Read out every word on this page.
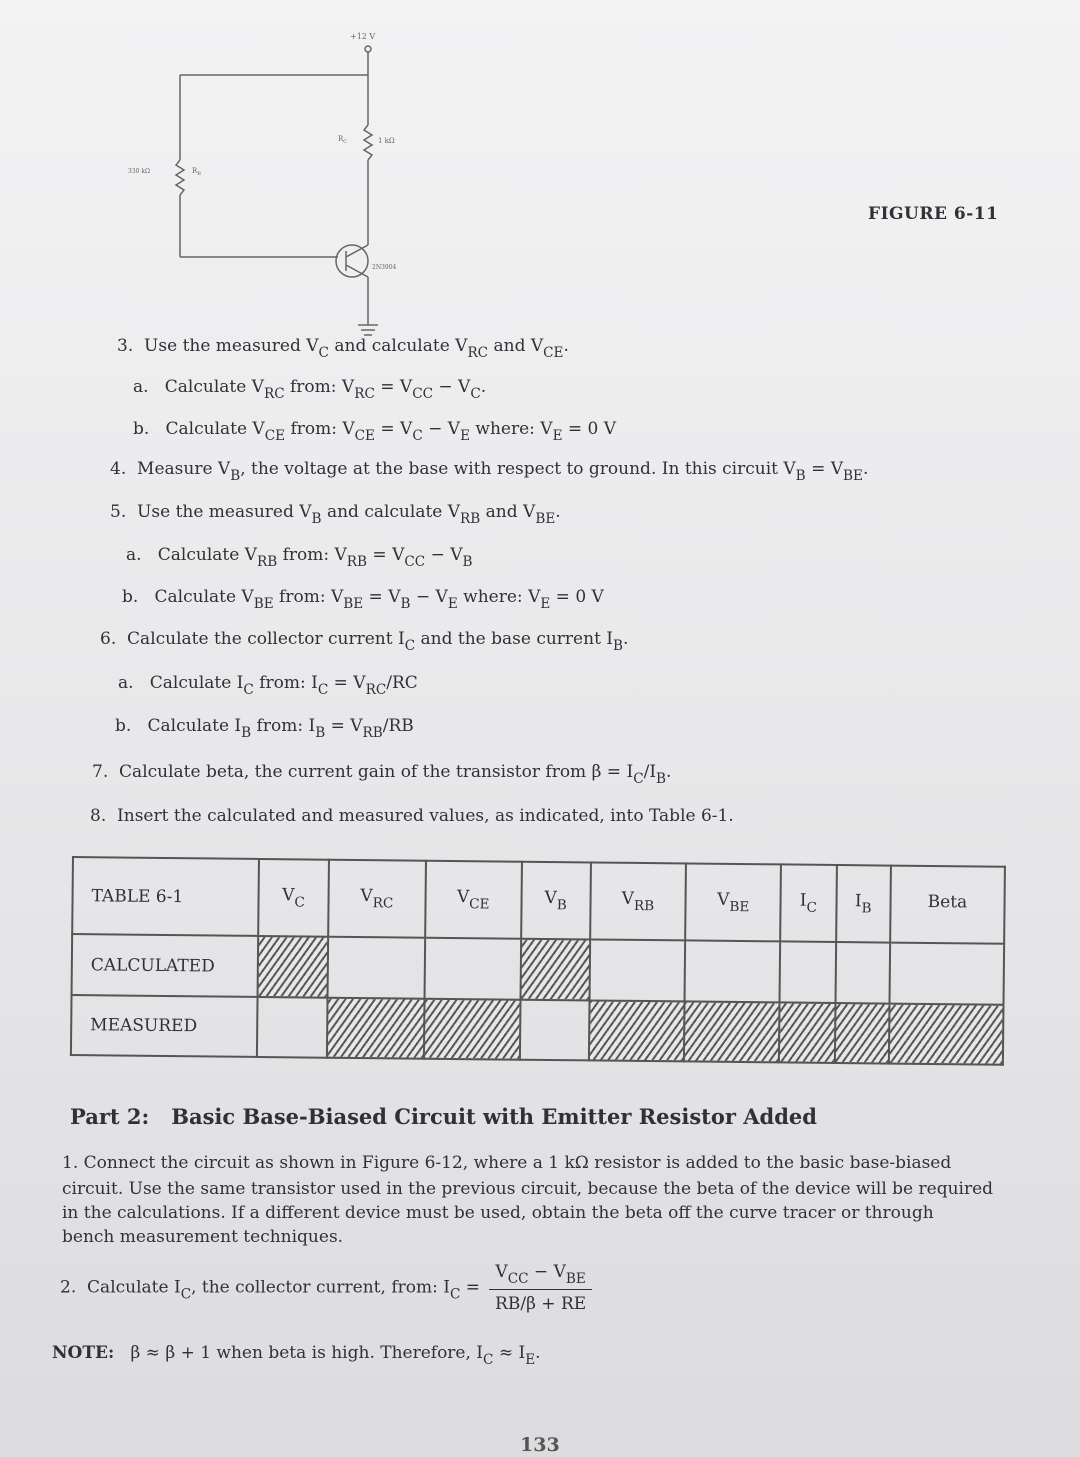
+12 V
$R_C$	1 kΩ
330 kΩ	$R_B$
2N3904
FIGURE 6-11
3. Use the measured $V_C$ and calculate $V_{RC}$ and $V_{CE}$.
a. Calculate $V_{RC}$ from: $V_{RC} = V_{CC} - V_C$.
b. Calculate $V_{CE}$ from: $V_{CE} = V_C - V_E$ where: $V_E = 0$ V
4. Measure $V_B$, the voltage at the base with respect to ground. In this circuit $V_B = V_{BE}$.
5. Use the measured $V_B$ and calculate $V_{RB}$ and $V_{BE}$.
a. Calculate $V_{RB}$ from: $V_{RB} = V_{CC} - V_B$
b. Calculate $V_{BE}$ from: $V_{BE} = V_B - V_E$ where: $V_E = 0$ V
6. Calculate the collector current $I_C$ and the base current $I_B$.
a. Calculate $I_C$ from: $I_C = V_{RC}/RC$
b. Calculate $I_B$ from: $I_B = V_{RB}/RB$
7. Calculate beta, the current gain of the transistor from $\beta = I_C/I_B$.
8. Insert the calculated and measured values, as indicated, into Table 6-1.
TABLE 6-1	$V_C$	$V_{RC}$	$V_{CE}$	$V_B$	$V_{RB}$	$V_{BE}$	$I_C$	$I_B$	Beta
CALCULATED									
MEASURED									
Part 2: Basic Base-Biased Circuit with Emitter Resistor Added
1. Connect the circuit as shown in Figure 6-12, where a 1 kΩ resistor is added to the basic base-biased
circuit. Use the same transistor used in the previous circuit, because the beta of the device will be required
in the calculations. If a different device must be used, obtain the beta off the curve tracer or through
bench measurement techniques.
2. Calculate $I_C$, the collector current, from: $I_C = \frac{V_{CC} - V_{BE}}{RB/\beta + RE}$
NOTE: β ≈ β + 1 when beta is high. Therefore, $I_C \approx I_E$.
133
